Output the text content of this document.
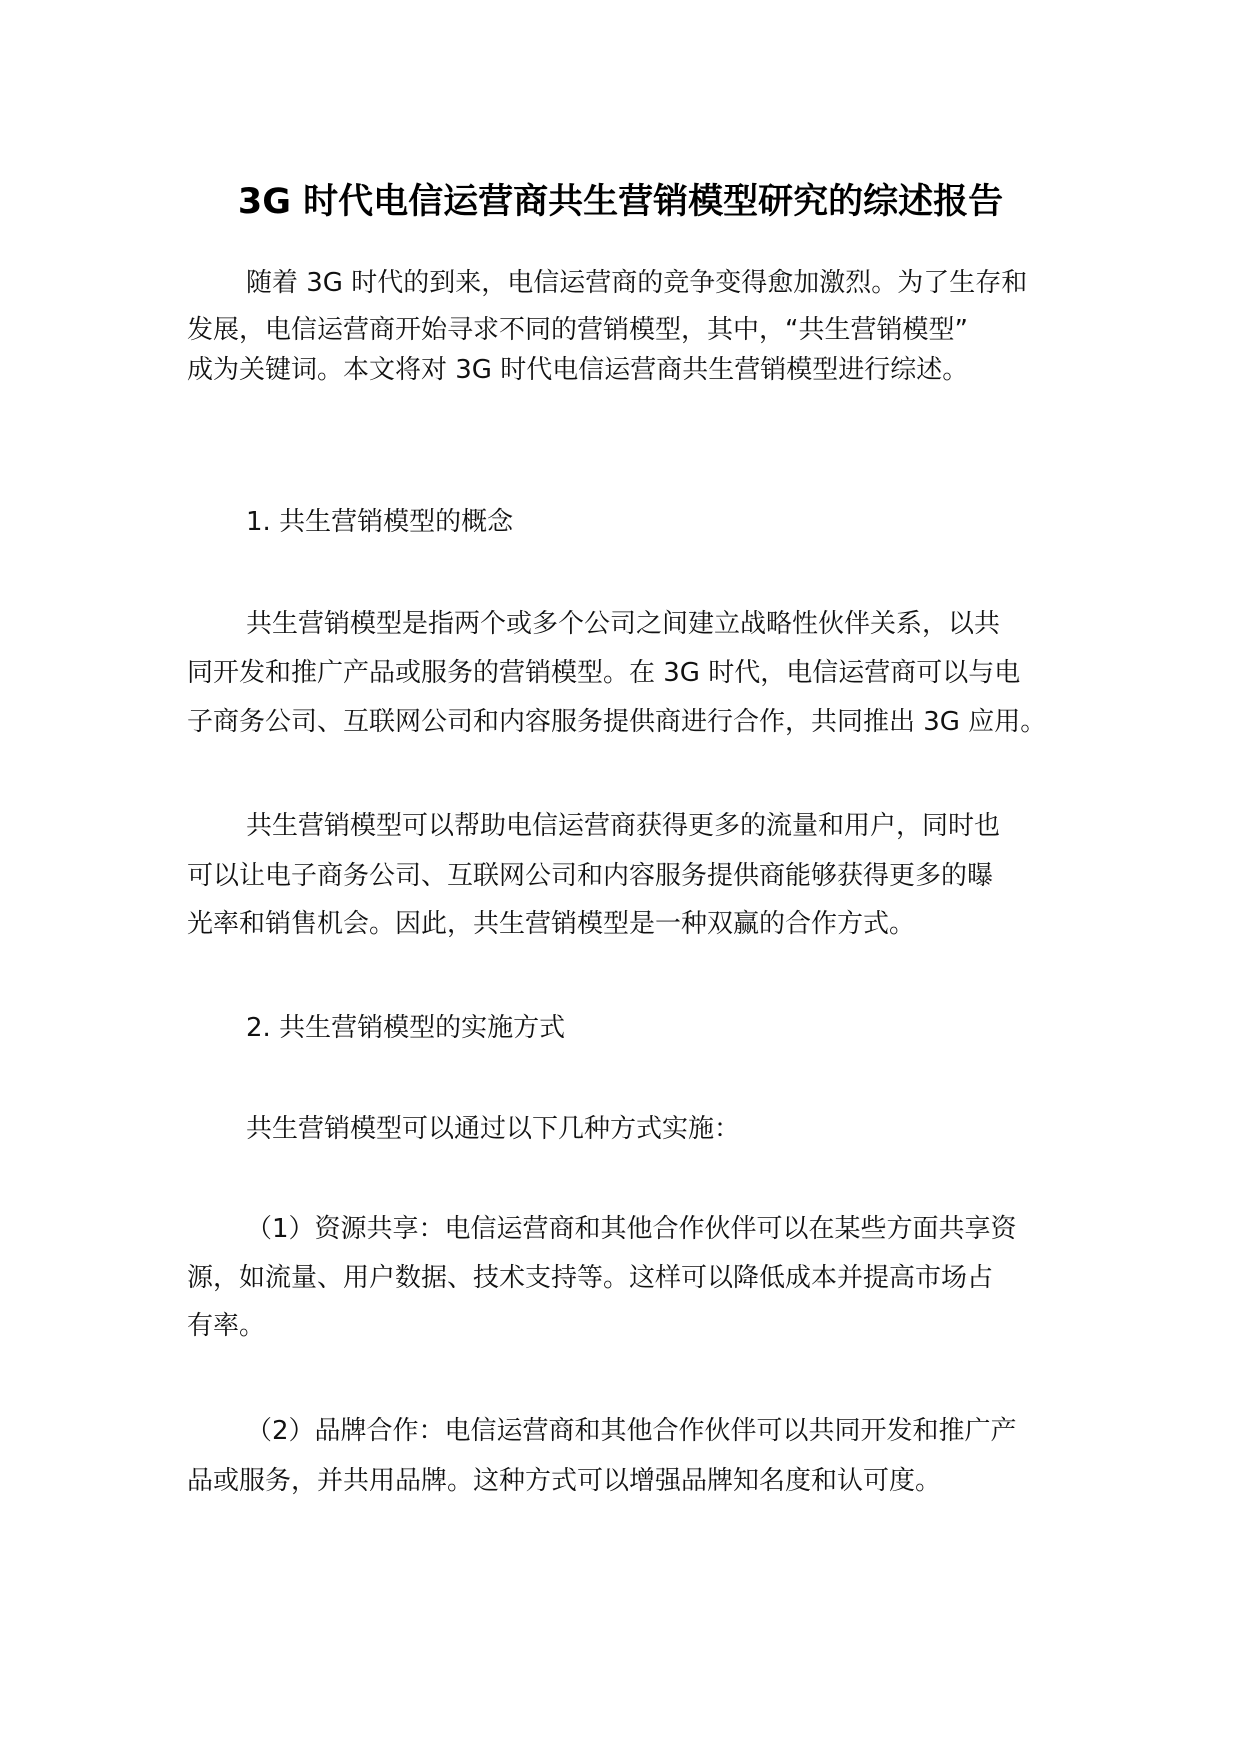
3G 时代电信运营商共生营销模型研究的综述报告
随着 3G 时代的到来，电信运营商的竞争变得愈加激烈。为了生存和
发展，电信运营商开始寻求不同的营销模型，其中，“共生营销模型”
成为关键词。本文将对 3G 时代电信运营商共生营销模型进行综述。
1. 共生营销模型的概念
共生营销模型是指两个或多个公司之间建立战略性伙伴关系，以共
同开发和推广产品或服务的营销模型。在 3G 时代，电信运营商可以与电
子商务公司、互联网公司和内容服务提供商进行合作，共同推出 3G 应用。
共生营销模型可以帮助电信运营商获得更多的流量和用户，同时也
可以让电子商务公司、互联网公司和内容服务提供商能够获得更多的曝
光率和销售机会。因此，共生营销模型是一种双赢的合作方式。
2. 共生营销模型的实施方式
共生营销模型可以通过以下几种方式实施：
（1）资源共享：电信运营商和其他合作伙伴可以在某些方面共享资
源，如流量、用户数据、技术支持等。这样可以降低成本并提高市场占
有率。
（2）品牌合作：电信运营商和其他合作伙伴可以共同开发和推广产
品或服务，并共用品牌。这种方式可以增强品牌知名度和认可度。
